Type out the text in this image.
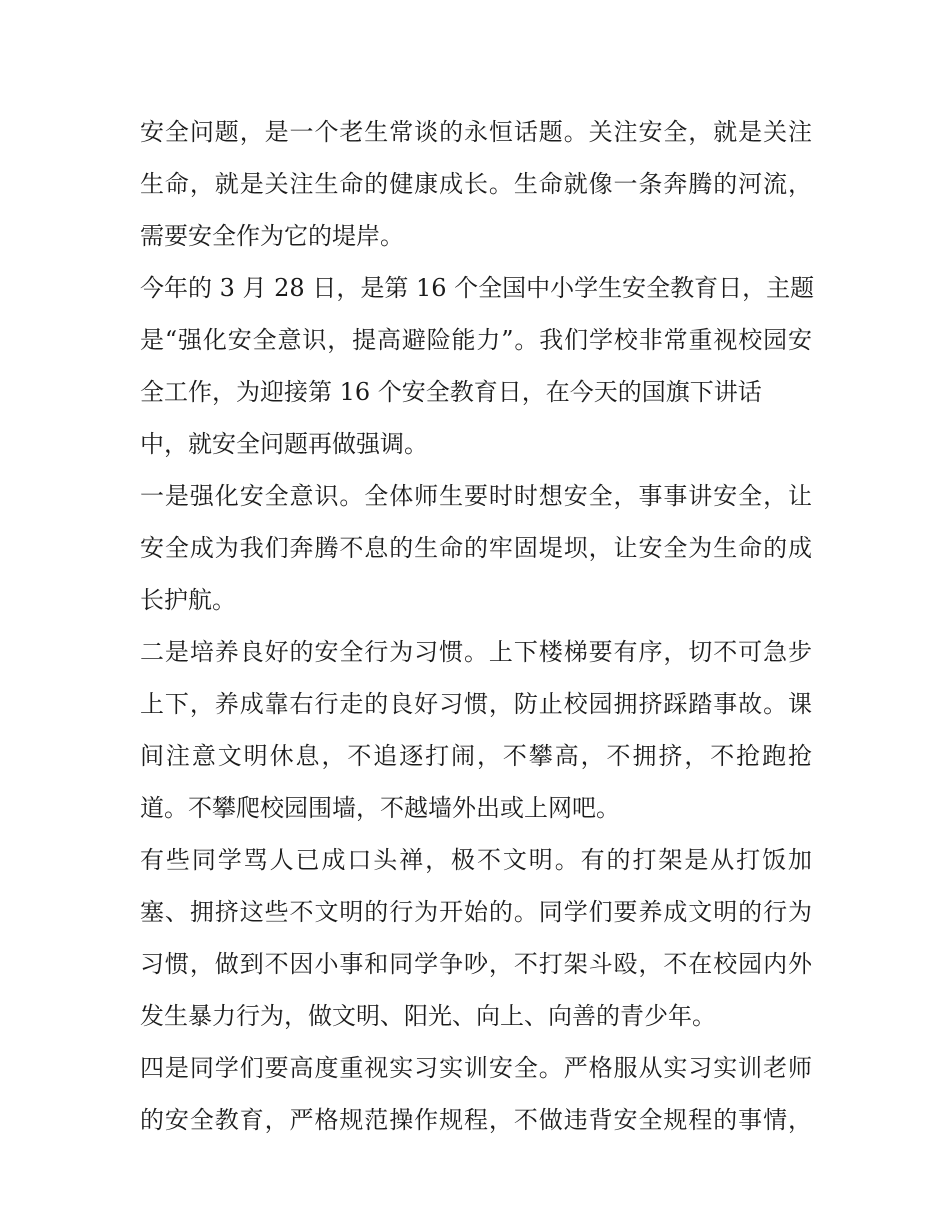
安全问题，是一个老生常谈的永恒话题。关注安全，就是关注
生命，就是关注生命的健康成长。生命就像一条奔腾的河流，
需要安全作为它的堤岸。
今年的 3 月 28 日，是第 16 个全国中小学生安全教育日，主题
是“强化安全意识，提高避险能力”。我们学校非常重视校园安
全工作，为迎接第 16 个安全教育日，在今天的国旗下讲话
中，就安全问题再做强调。
一是强化安全意识。全体师生要时时想安全，事事讲安全，让
安全成为我们奔腾不息的生命的牢固堤坝，让安全为生命的成
长护航。
二是培养良好的安全行为习惯。上下楼梯要有序，切不可急步
上下，养成靠右行走的良好习惯，防止校园拥挤踩踏事故。课
间注意文明休息，不追逐打闹，不攀高，不拥挤，不抢跑抢
道。不攀爬校园围墙，不越墙外出或上网吧。
有些同学骂人已成口头禅，极不文明。有的打架是从打饭加
塞、拥挤这些不文明的行为开始的。同学们要养成文明的行为
习惯，做到不因小事和同学争吵，不打架斗殴，不在校园内外
发生暴力行为，做文明、阳光、向上、向善的青少年。
四是同学们要高度重视实习实训安全。严格服从实习实训老师
的安全教育，严格规范操作规程，不做违背安全规程的事情，
